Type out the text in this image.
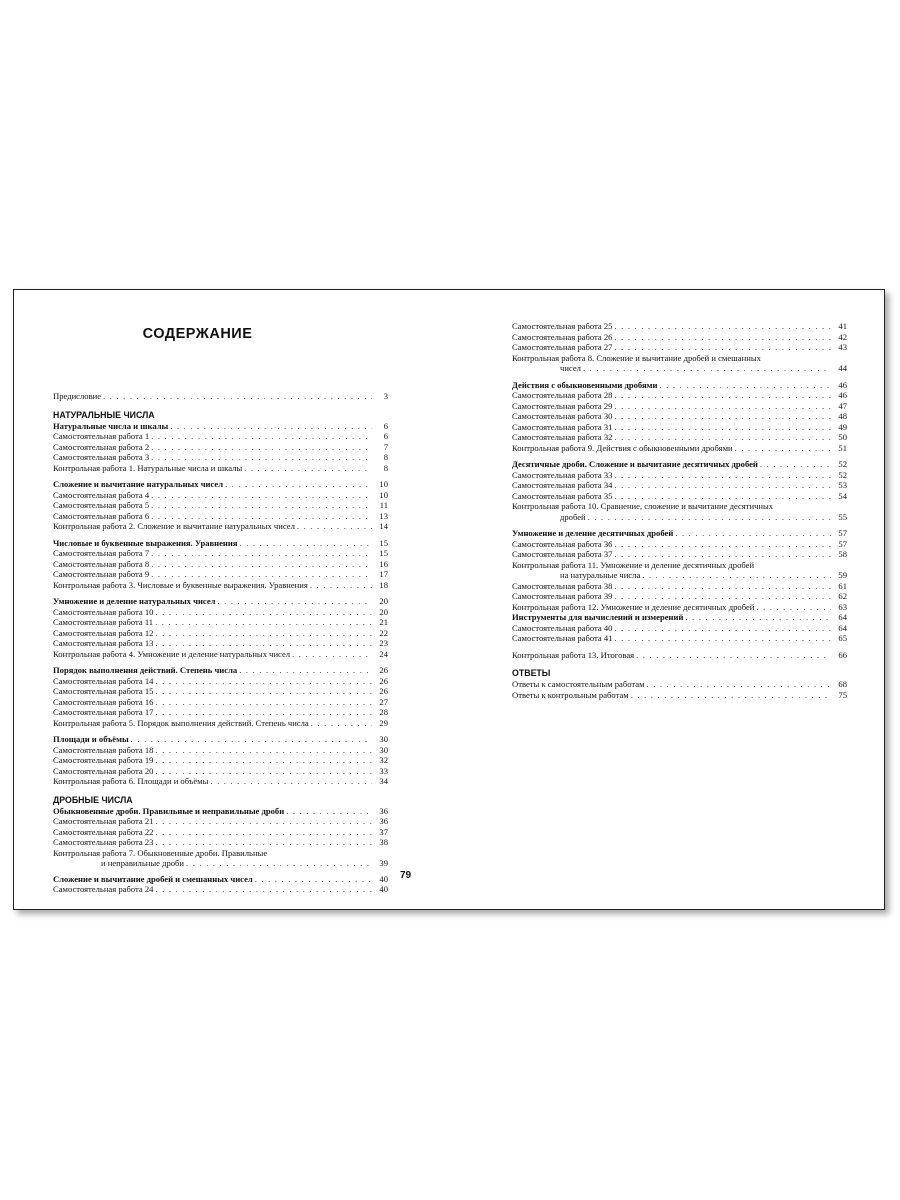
СОДЕРЖАНИЕ
Предисловие . . .	3
НАТУРАЛЬНЫЕ ЧИСЛА
Натуральные числа и шкалы . . .	6
Самостоятельная работа 1 . . .	6
Самостоятельная работа 2 . . .	7
Самостоятельная работа 3 . . .	8
Контрольная работа 1. Натуральные числа и шкалы . . .	8
Сложение и вычитание натуральных чисел . . .	10
Самостоятельная работа 4 . . .	10
Самостоятельная работа 5 . . .	11
Самостоятельная работа 6 . . .	13
Контрольная работа 2. Сложение и вычитание натуральных чисел . . .	14
Числовые и буквенные выражения. Уравнения . . .	15
Самостоятельная работа 7 . . .	15
Самостоятельная работа 8 . . .	16
Самостоятельная работа 9 . . .	17
Контрольная работа 3. Числовые и буквенные выражения. Уравнения . . .	18
Умножение и деление натуральных чисел . . .	20
Самостоятельная работа 10 . . .	20
Самостоятельная работа 11 . . .	21
Самостоятельная работа 12 . . .	22
Самостоятельная работа 13 . . .	23
Контрольная работа 4. Умножение и деление натуральных чисел . . .	24
Порядок выполнения действий. Степень числа . . .	26
Самостоятельная работа 14 . . .	26
Самостоятельная работа 15 . . .	26
Самостоятельная работа 16 . . .	27
Самостоятельная работа 17 . . .	28
Контрольная работа 5. Порядок выполнения действий. Степень числа . . .	29
Площади и объёмы . . .	30
Самостоятельная работа 18 . . .	30
Самостоятельная работа 19 . . .	32
Самостоятельная работа 20 . . .	33
Контрольная работа 6. Площади и объёмы . . .	34
ДРОБНЫЕ ЧИСЛА
Обыкновенные дроби. Правильные и неправильные дроби . . .	36
Самостоятельная работа 21 . . .	36
Самостоятельная работа 22 . . .	37
Самостоятельная работа 23 . . .	38
Контрольная работа 7. Обыкновенные дроби. Правильные
и неправильные дроби . . .	39
Сложение и вычитание дробей и смешанных чисел . . .	40
Самостоятельная работа 24 . . .	40
Самостоятельная работа 25 . . .	41
Самостоятельная работа 26 . . .	42
Самостоятельная работа 27 . . .	43
Контрольная работа 8. Сложение и вычитание дробей и смешанных
чисел . . .	44
Действия с обыкновенными дробями . . .	46
Самостоятельная работа 28 . . .	46
Самостоятельная работа 29 . . .	47
Самостоятельная работа 30 . . .	48
Самостоятельная работа 31 . . .	49
Самостоятельная работа 32 . . .	50
Контрольная работа 9. Действия с обыкновенными дробями . . .	51
Десятичные дроби. Сложение и вычитание десятичных дробей . . .	52
Самостоятельная работа 33 . . .	52
Самостоятельная работа 34 . . .	53
Самостоятельная работа 35 . . .	54
Контрольная работа 10. Сравнение, сложение и вычитание десятичных
дробей . . .	55
Умножение и деление десятичных дробей . . .	57
Самостоятельная работа 36 . . .	57
Самостоятельная работа 37 . . .	58
Контрольная работа 11. Умножение и деление десятичных дробей
на натуральные числа . . .	59
Самостоятельная работа 38 . . .	61
Самостоятельная работа 39 . . .	62
Контрольная работа 12. Умножение и деление десятичных дробей . . .	63
Инструменты для вычислений и измерений . . .	64
Самостоятельная работа 40 . . .	64
Самостоятельная работа 41 . . .	65
Контрольная работа 13. Итоговая . . .	66
ОТВЕТЫ
Ответы к самостоятельным работам . . .	68
Ответы к контрольным работам . . .	75
79
